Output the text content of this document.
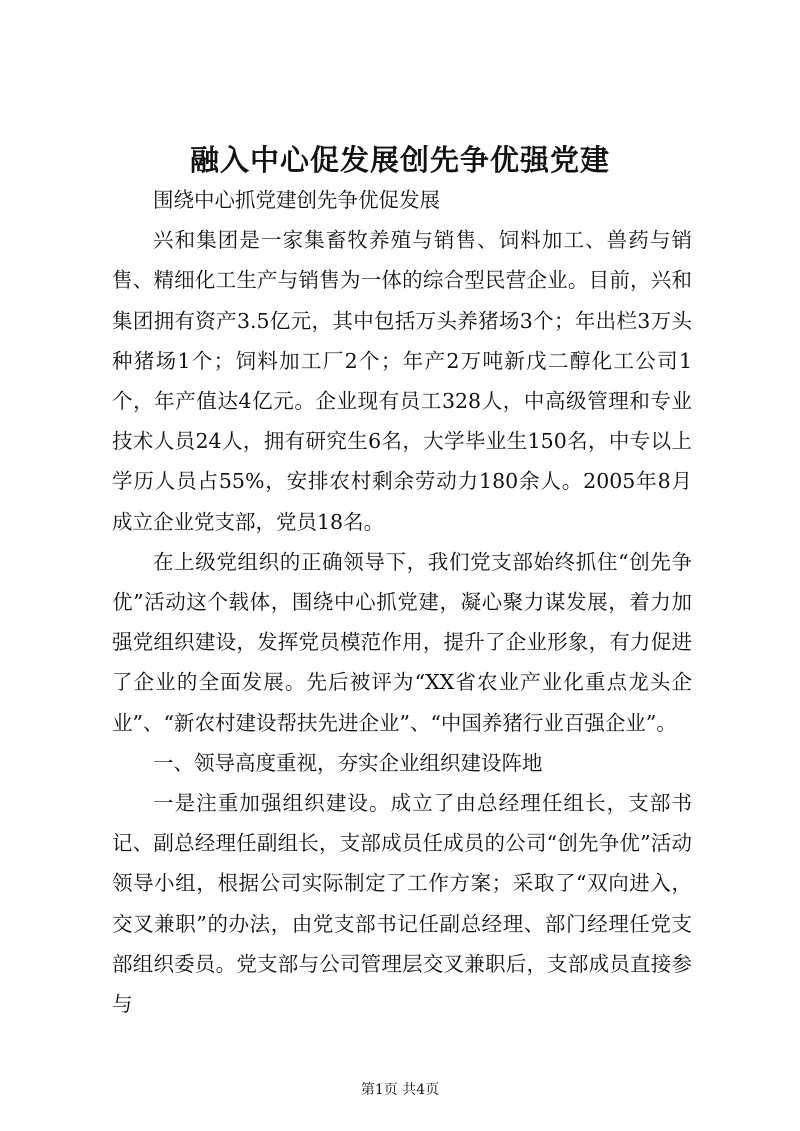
融入中心促发展创先争优强党建

围绕中心抓党建创先争优促发展

兴和集团是一家集畜牧养殖与销售、饲料加工、兽药与销售、精细化工生产与销售为一体的综合型民营企业。目前，兴和集团拥有资产3.5亿元，其中包括万头养猪场3个；年出栏3万头种猪场1个；饲料加工厂2个；年产2万吨新戊二醇化工公司1个，年产值达4亿元。企业现有员工328人，中高级管理和专业技术人员24人，拥有研究生6名，大学毕业生150名，中专以上学历人员占55%，安排农村剩余劳动力180余人。2005年8月成立企业党支部，党员18名。

在上级党组织的正确领导下，我们党支部始终抓住“创先争优”活动这个载体，围绕中心抓党建，凝心聚力谋发展，着力加强党组织建设，发挥党员模范作用，提升了企业形象，有力促进了企业的全面发展。先后被评为“XX省农业产业化重点龙头企业”、“新农村建设帮扶先进企业”、“中国养猪行业百强企业”。

一、领导高度重视，夯实企业组织建设阵地

一是注重加强组织建设。成立了由总经理任组长，支部书记、副总经理任副组长，支部成员任成员的公司“创先争优”活动领导小组，根据公司实际制定了工作方案；采取了“双向进入，交叉兼职”的办法，由党支部书记任副总经理、部门经理任党支部组织委员。党支部与公司管理层交叉兼职后，支部成员直接参与

第1页 共4页
